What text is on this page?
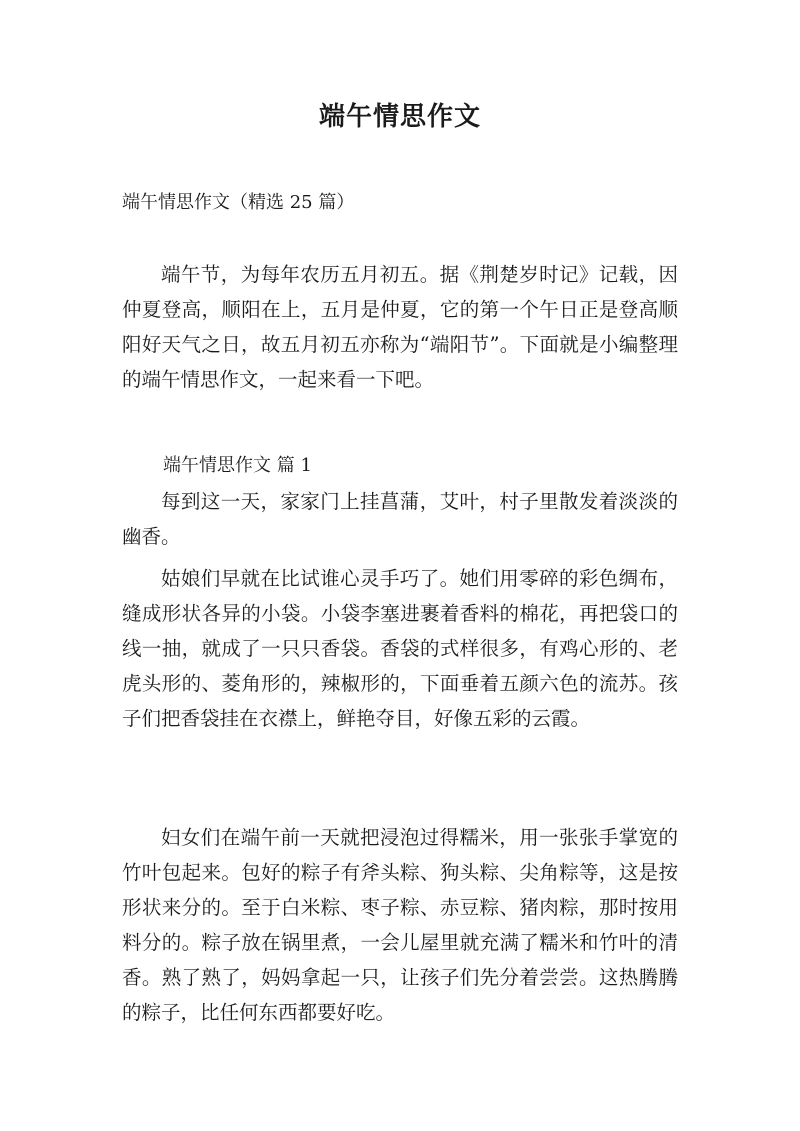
端午情思作文
端午情思作文（精选 25 篇）

端午节，为每年农历五月初五。据《荆楚岁时记》记载，因仲夏登高，顺阳在上，五月是仲夏，它的第一个午日正是登高顺阳好天气之日，故五月初五亦称为“端阳节”。下面就是小编整理的端午情思作文，一起来看一下吧。

端午情思作文 篇 1

每到这一天，家家门上挂菖蒲，艾叶，村子里散发着淡淡的幽香。

姑娘们早就在比试谁心灵手巧了。她们用零碎的彩色绸布，缝成形状各异的小袋。小袋李塞进裹着香料的棉花，再把袋口的线一抽，就成了一只只香袋。香袋的式样很多，有鸡心形的、老虎头形的、菱角形的，辣椒形的，下面垂着五颜六色的流苏。孩子们把香袋挂在衣襟上，鲜艳夺目，好像五彩的云霞。

妇女们在端午前一天就把浸泡过得糯米，用一张张手掌宽的竹叶包起来。包好的粽子有斧头粽、狗头粽、尖角粽等，这是按形状来分的。至于白米粽、枣子粽、赤豆粽、猪肉粽，那时按用料分的。粽子放在锅里煮，一会儿屋里就充满了糯米和竹叶的清香。熟了熟了，妈妈拿起一只，让孩子们先分着尝尝。这热腾腾的粽子，比任何东西都要好吃。
